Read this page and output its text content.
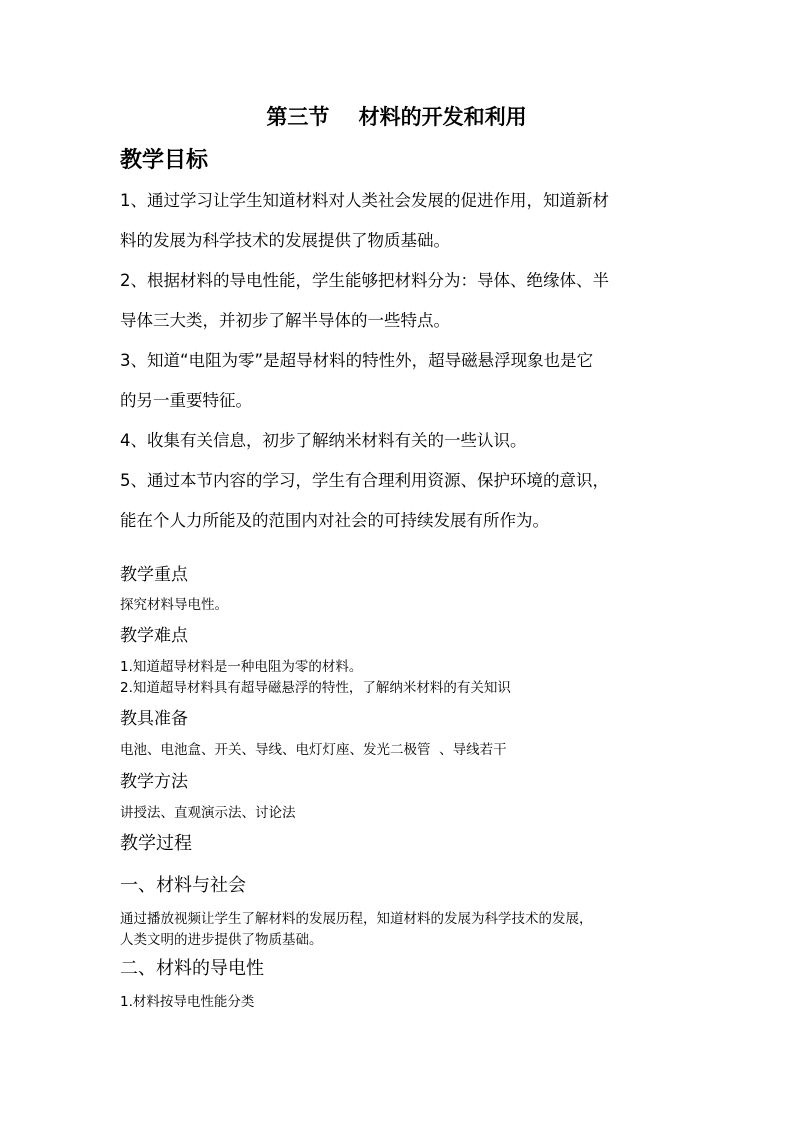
第三节    材料的开发和利用
教学目标

1、通过学习让学生知道材料对人类社会发展的促进作用，知道新材

料的发展为科学技术的发展提供了物质基础。

2、根据材料的导电性能，学生能够把材料分为：导体、绝缘体、半

导体三大类，并初步了解半导体的一些特点。

3、知道“电阻为零”是超导材料的特性外，超导磁悬浮现象也是它

的另一重要特征。

4、收集有关信息，初步了解纳米材料有关的一些认识。

5、通过本节内容的学习，学生有合理利用资源、保护环境的意识，

能在个人力所能及的范围内对社会的可持续发展有所作为。

教学重点
探究材料导电性。
教学难点
1.知道超导材料是一种电阻为零的材料。
2.知道超导材料具有超导磁悬浮的特性，了解纳米材料的有关知识
教具准备
电池、电池盒、开关、导线、电灯灯座、发光二极管  、导线若干
教学方法
讲授法、直观演示法、讨论法
教学过程
一、材料与社会
通过播放视频让学生了解材料的发展历程，知道材料的发展为科学技术的发展，
人类文明的进步提供了物质基础。
二、材料的导电性
1.材料按导电性能分类
